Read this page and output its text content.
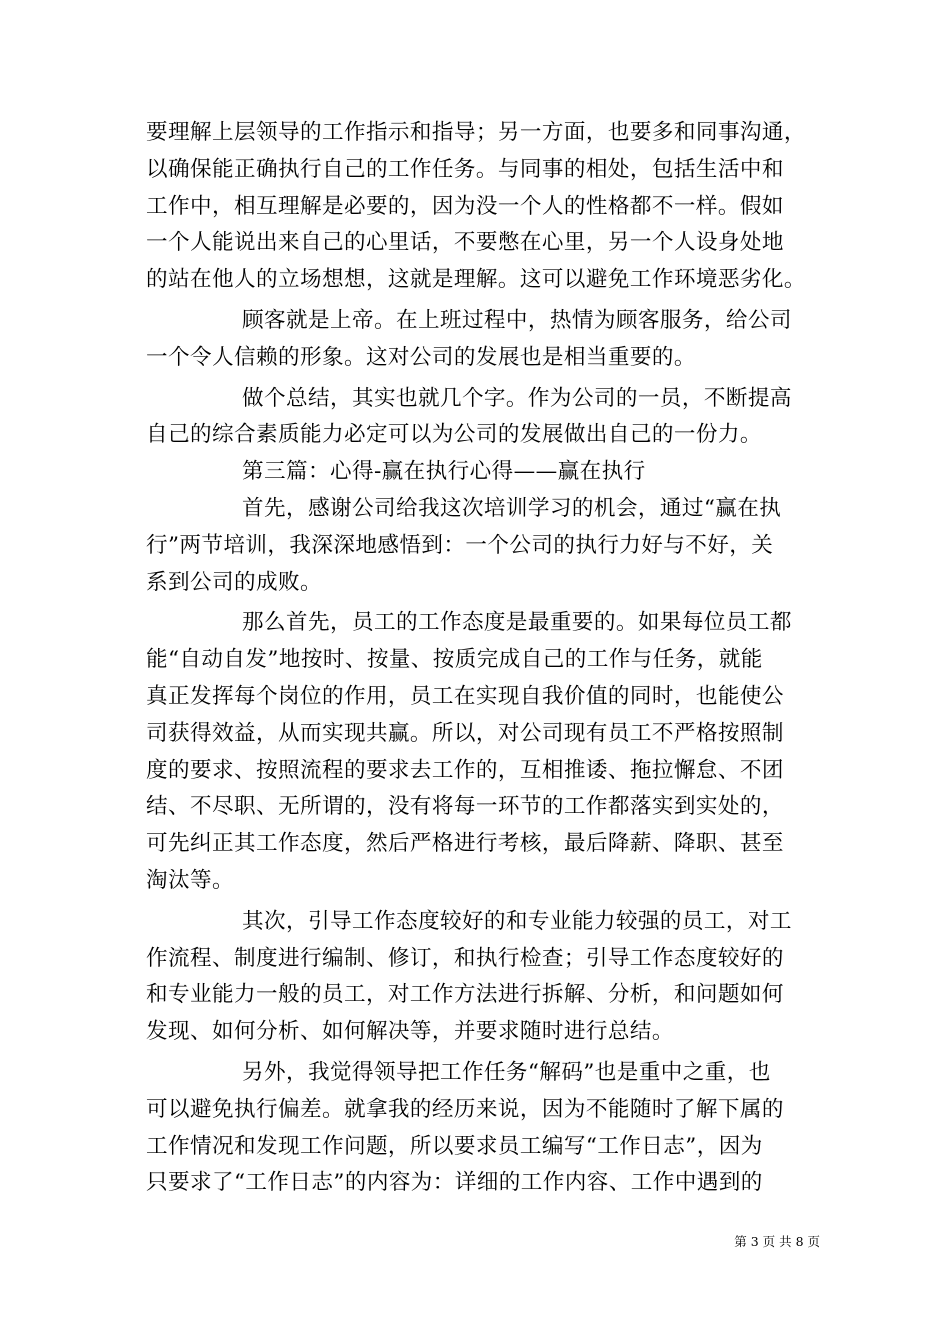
要理解上层领导的工作指示和指导；另一方面，也要多和同事沟通，
以确保能正确执行自己的工作任务。与同事的相处，包括生活中和
工作中，相互理解是必要的，因为没一个人的性格都不一样。假如
一个人能说出来自己的心里话，不要憋在心里，另一个人设身处地
的站在他人的立场想想，这就是理解。这可以避免工作环境恶劣化。
顾客就是上帝。在上班过程中，热情为顾客服务，给公司
一个令人信赖的形象。这对公司的发展也是相当重要的。
做个总结，其实也就几个字。作为公司的一员，不断提高
自己的综合素质能力必定可以为公司的发展做出自己的一份力。
第三篇：心得-赢在执行心得——赢在执行
首先，感谢公司给我这次培训学习的机会，通过“赢在执
行”两节培训，我深深地感悟到：一个公司的执行力好与不好，关
系到公司的成败。
那么首先，员工的工作态度是最重要的。如果每位员工都
能“自动自发”地按时、按量、按质完成自己的工作与任务，就能
真正发挥每个岗位的作用，员工在实现自我价值的同时，也能使公
司获得效益，从而实现共赢。所以，对公司现有员工不严格按照制
度的要求、按照流程的要求去工作的，互相推诿、拖拉懈怠、不团
结、不尽职、无所谓的，没有将每一环节的工作都落实到实处的，
可先纠正其工作态度，然后严格进行考核，最后降薪、降职、甚至
淘汰等。
其次，引导工作态度较好的和专业能力较强的员工，对工
作流程、制度进行编制、修订，和执行检查；引导工作态度较好的
和专业能力一般的员工，对工作方法进行拆解、分析，和问题如何
发现、如何分析、如何解决等，并要求随时进行总结。
另外，我觉得领导把工作任务“解码”也是重中之重，也
可以避免执行偏差。就拿我的经历来说，因为不能随时了解下属的
工作情况和发现工作问题，所以要求员工编写“工作日志”，因为
只要求了“工作日志”的内容为：详细的工作内容、工作中遇到的
第 3 页 共 8 页
